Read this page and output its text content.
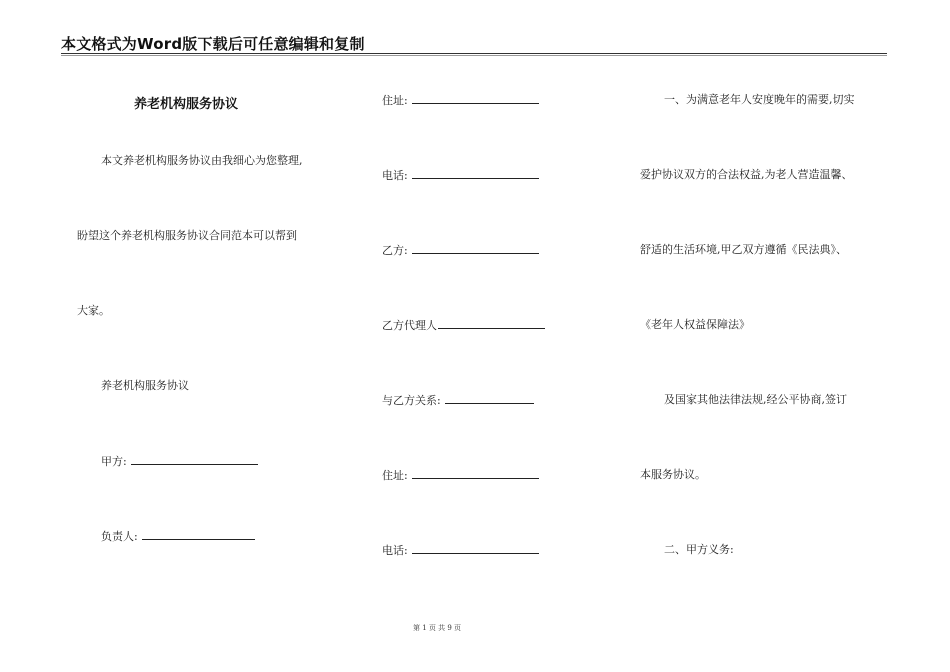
本文格式为Word版下载后可任意编辑和复制
养老机构服务协议
本文养老机构服务协议由我细心为您整理,
盼望这个养老机构服务协议合同范本可以帮到
大家。
养老机构服务协议
甲方:
负责人:
住址:
电话:
乙方:
乙方代理人
与乙方关系:
住址:
电话:
一、为满意老年人安度晚年的需要,切实
爱护协议双方的合法权益,为老人营造温馨、
舒适的生活环境,甲乙双方遵循《民法典》、
《老年人权益保障法》
及国家其他法律法规,经公平协商,签订
本服务协议。
二、甲方义务:
第 1 页 共 9 页
